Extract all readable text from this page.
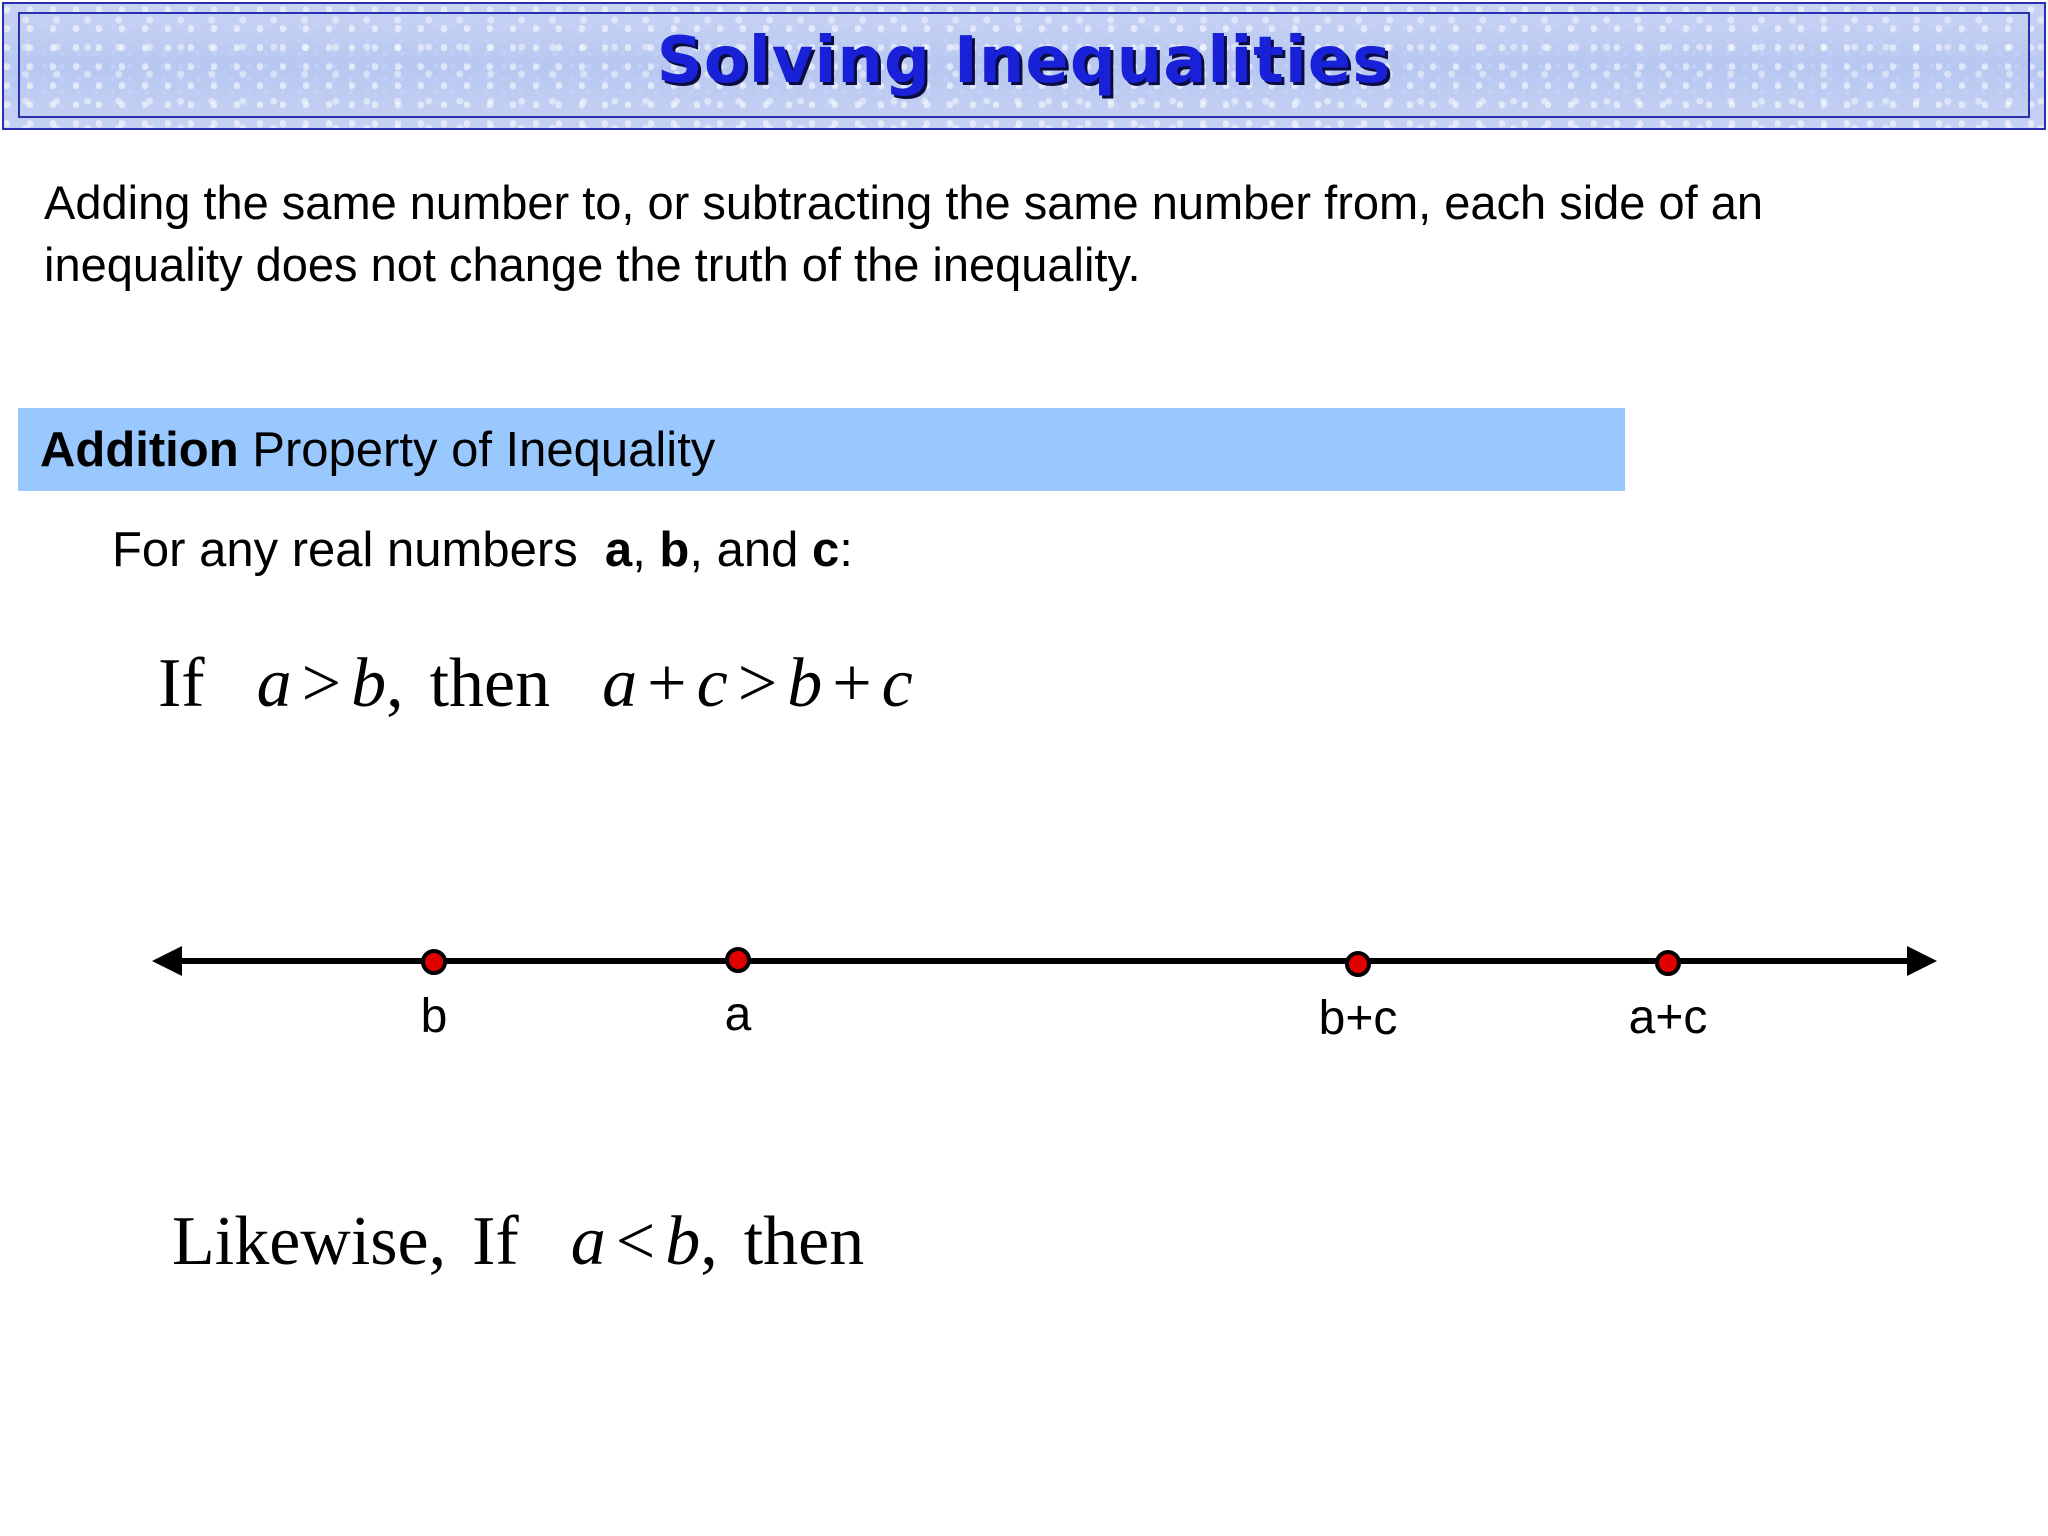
Solving Inequalities
Adding the same number to, or subtracting the same number from, each side of an
inequality does not change the truth of the inequality.
Addition Property of Inequality
For any real numbers  a, b, and c:
If a > b, then a + c > b + c
b	a	b+c	a+c
Likewise, If a < b, then
